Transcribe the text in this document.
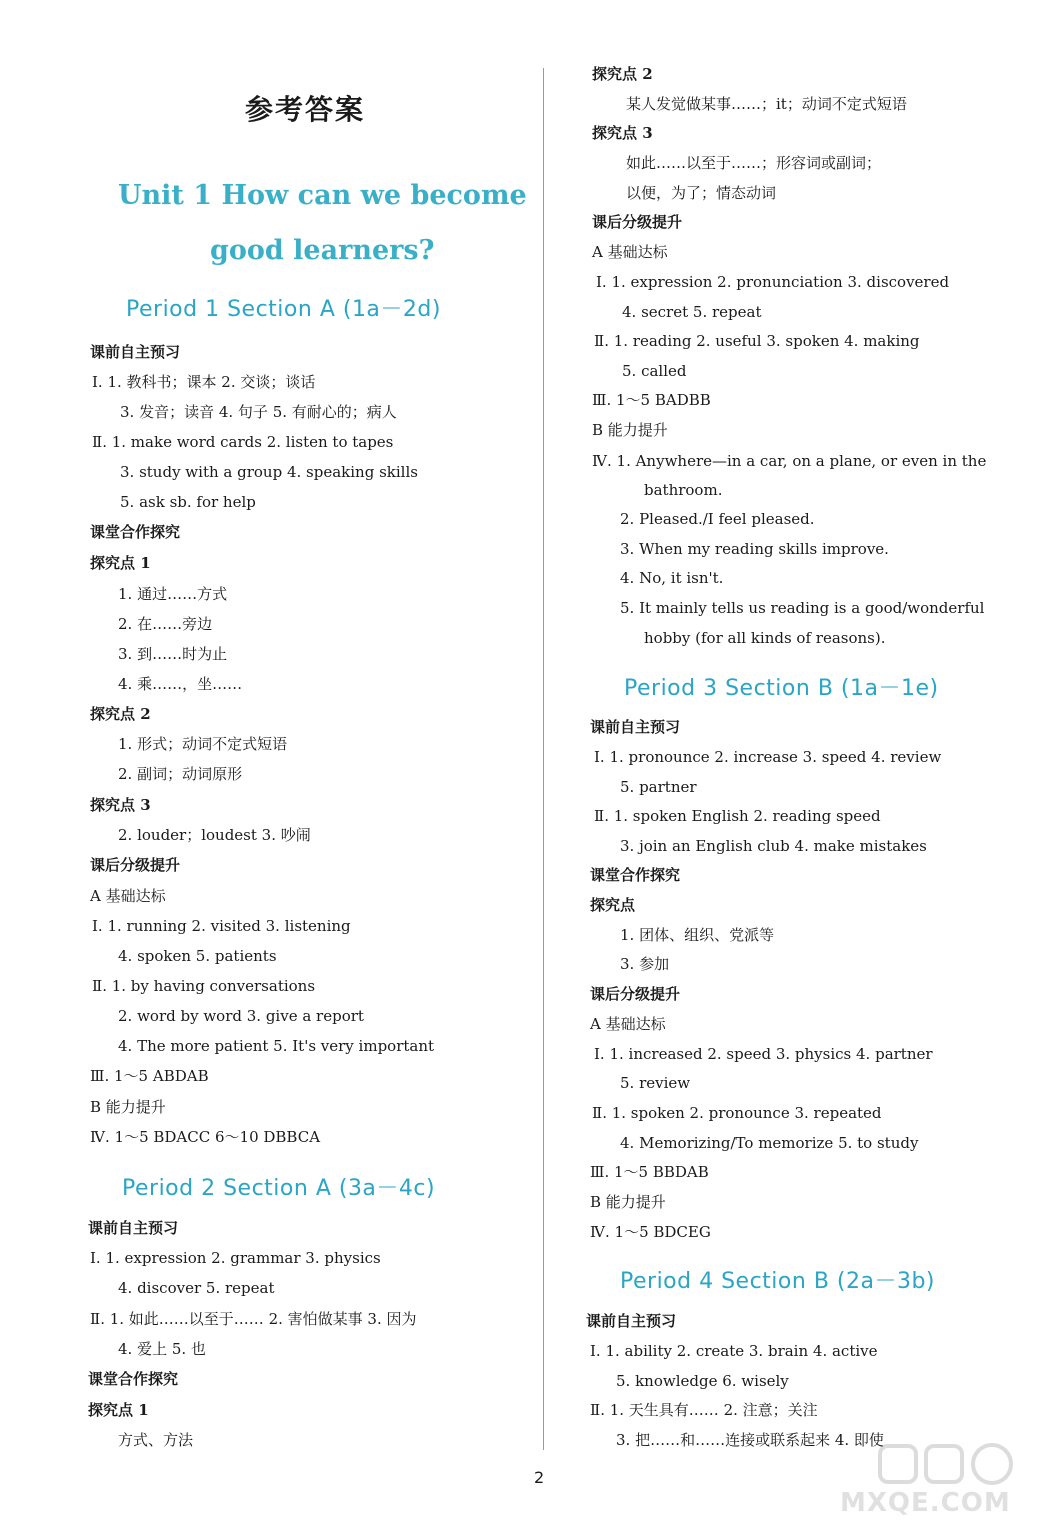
参考答案
Unit 1 How can we become
good learners?
Period 1 Section A (1a－2d)
Period 2 Section A (3a－4c)
Period 3 Section B (1a－1e)
Period 4 Section B (2a－3b)
课前自主预习
Ⅰ. 1. 教科书；课本 2. 交谈；谈话
3. 发音；读音 4. 句子 5. 有耐心的；病人
Ⅱ. 1. make word cards 2. listen to tapes
3. study with a group 4. speaking skills
5. ask sb. for help
课堂合作探究
探究点 1
1. 通过……方式
2. 在……旁边
3. 到……时为止
4. 乘……，坐……
探究点 2
1. 形式；动词不定式短语
2. 副词；动词原形
探究点 3
2. louder；loudest 3. 吵闹
课后分级提升
A 基础达标
Ⅰ. 1. running 2. visited 3. listening
4. spoken 5. patients
Ⅱ. 1. by having conversations
2. word by word 3. give a report
4. The more patient 5. It's very important
Ⅲ. 1～5 ABDAB
B 能力提升
Ⅳ. 1～5 BDACC 6～10 DBBCA
课前自主预习
Ⅰ. 1. expression 2. grammar 3. physics
4. discover 5. repeat
Ⅱ. 1. 如此……以至于…… 2. 害怕做某事 3. 因为
4. 爱上 5. 也
课堂合作探究
探究点 1
方式、方法
探究点 2
某人发觉做某事……；it；动词不定式短语
探究点 3
如此……以至于……；形容词或副词；
以便，为了；情态动词
课后分级提升
A 基础达标
Ⅰ. 1. expression 2. pronunciation 3. discovered
4. secret 5. repeat
Ⅱ. 1. reading 2. useful 3. spoken 4. making
5. called
Ⅲ. 1～5 BADBB
B 能力提升
Ⅳ. 1. Anywhere—in a car, on a plane, or even in the
bathroom.
2. Pleased./I feel pleased.
3. When my reading skills improve.
4. No, it isn't.
5. It mainly tells us reading is a good/wonderful
hobby (for all kinds of reasons).
课前自主预习
Ⅰ. 1. pronounce 2. increase 3. speed 4. review
5. partner
Ⅱ. 1. spoken English 2. reading speed
3. join an English club 4. make mistakes
课堂合作探究
探究点
1. 团体、组织、党派等
3. 参加
课后分级提升
A 基础达标
Ⅰ. 1. increased 2. speed 3. physics 4. partner
5. review
Ⅱ. 1. spoken 2. pronounce 3. repeated
4. Memorizing/To memorize 5. to study
Ⅲ. 1～5 BBDAB
B 能力提升
Ⅳ. 1～5 BDCEG
课前自主预习
Ⅰ. 1. ability 2. create 3. brain 4. active
5. knowledge 6. wisely
Ⅱ. 1. 天生具有…… 2. 注意；关注
3. 把……和……连接或联系起来 4. 即使
2
MXQE.COM
